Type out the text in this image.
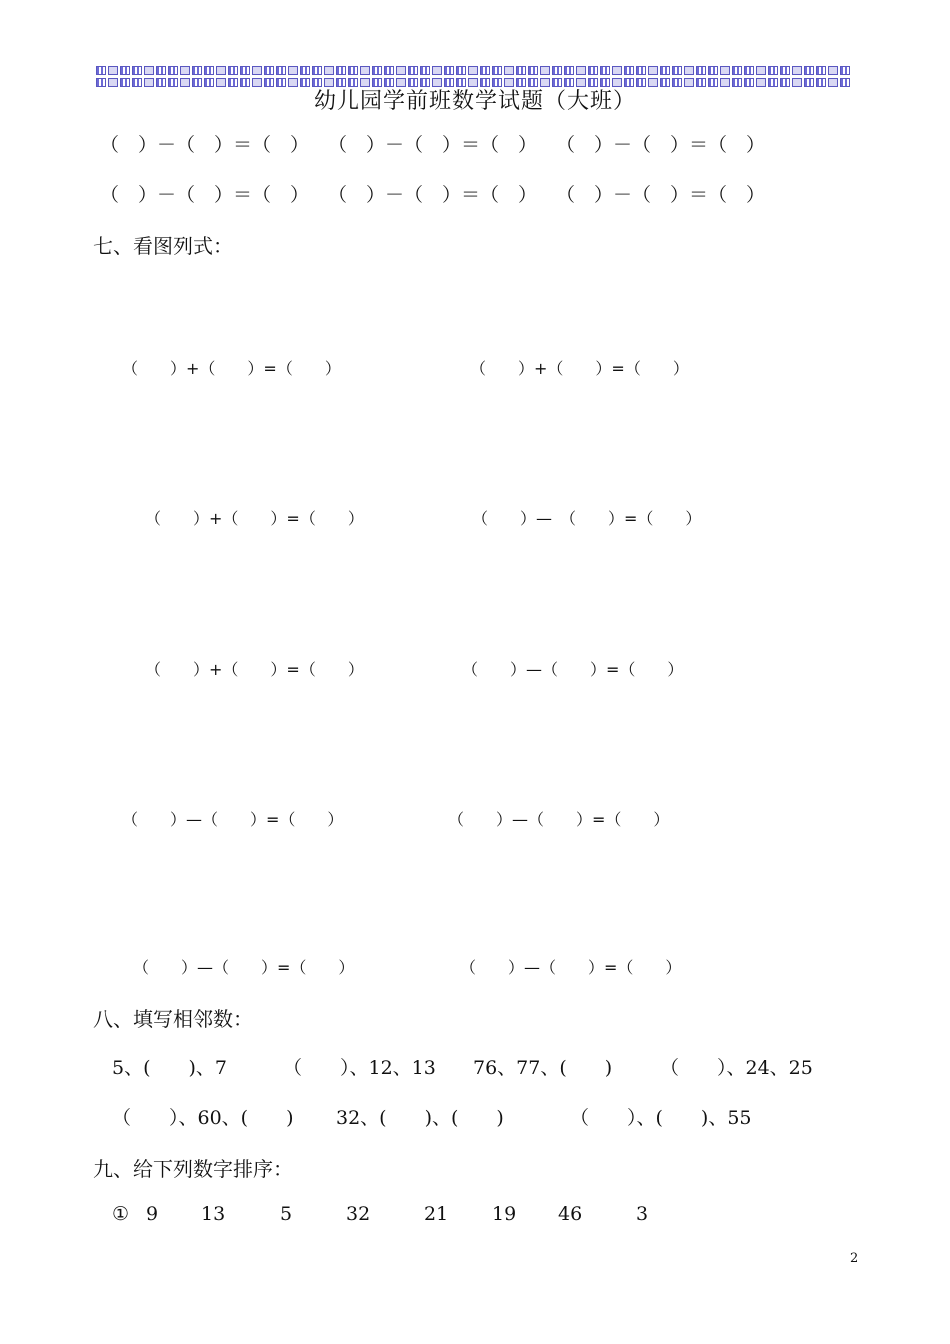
幼儿园学前班数学试题（大班）
（　）－（　）＝（　）　　（　）－（　）＝（　）　　（　）－（　）＝（　）
（　）－（　）＝（　）　　（　）－（　）＝（　）　　（　）－（　）＝（　）
七、看图列式：
（　　）+（　　）=（　　）	（　　）+（　　）=（　　）
（　　）+（　　）=（　　）	（　　）—　（　　）=（　　）
（　　）+（　　）=（　　）	（　　）—（　　）=（　　）
（　　）—（　　）=（　　）	（　　）—（　　）=（　　）
（　　）—（　　）=（　　）	（　　）—（　　）=（　　）
八、填写相邻数：
5、(　　)、7	（　　）、12、13 76、77、(　　)	（　　）、24、25
（　　）、60、(　　) 32、(　　)、(　　)	（　　）、(　　)、55
九、给下列数字排序：
① 9 13	5	32	21 19 46	3
2
